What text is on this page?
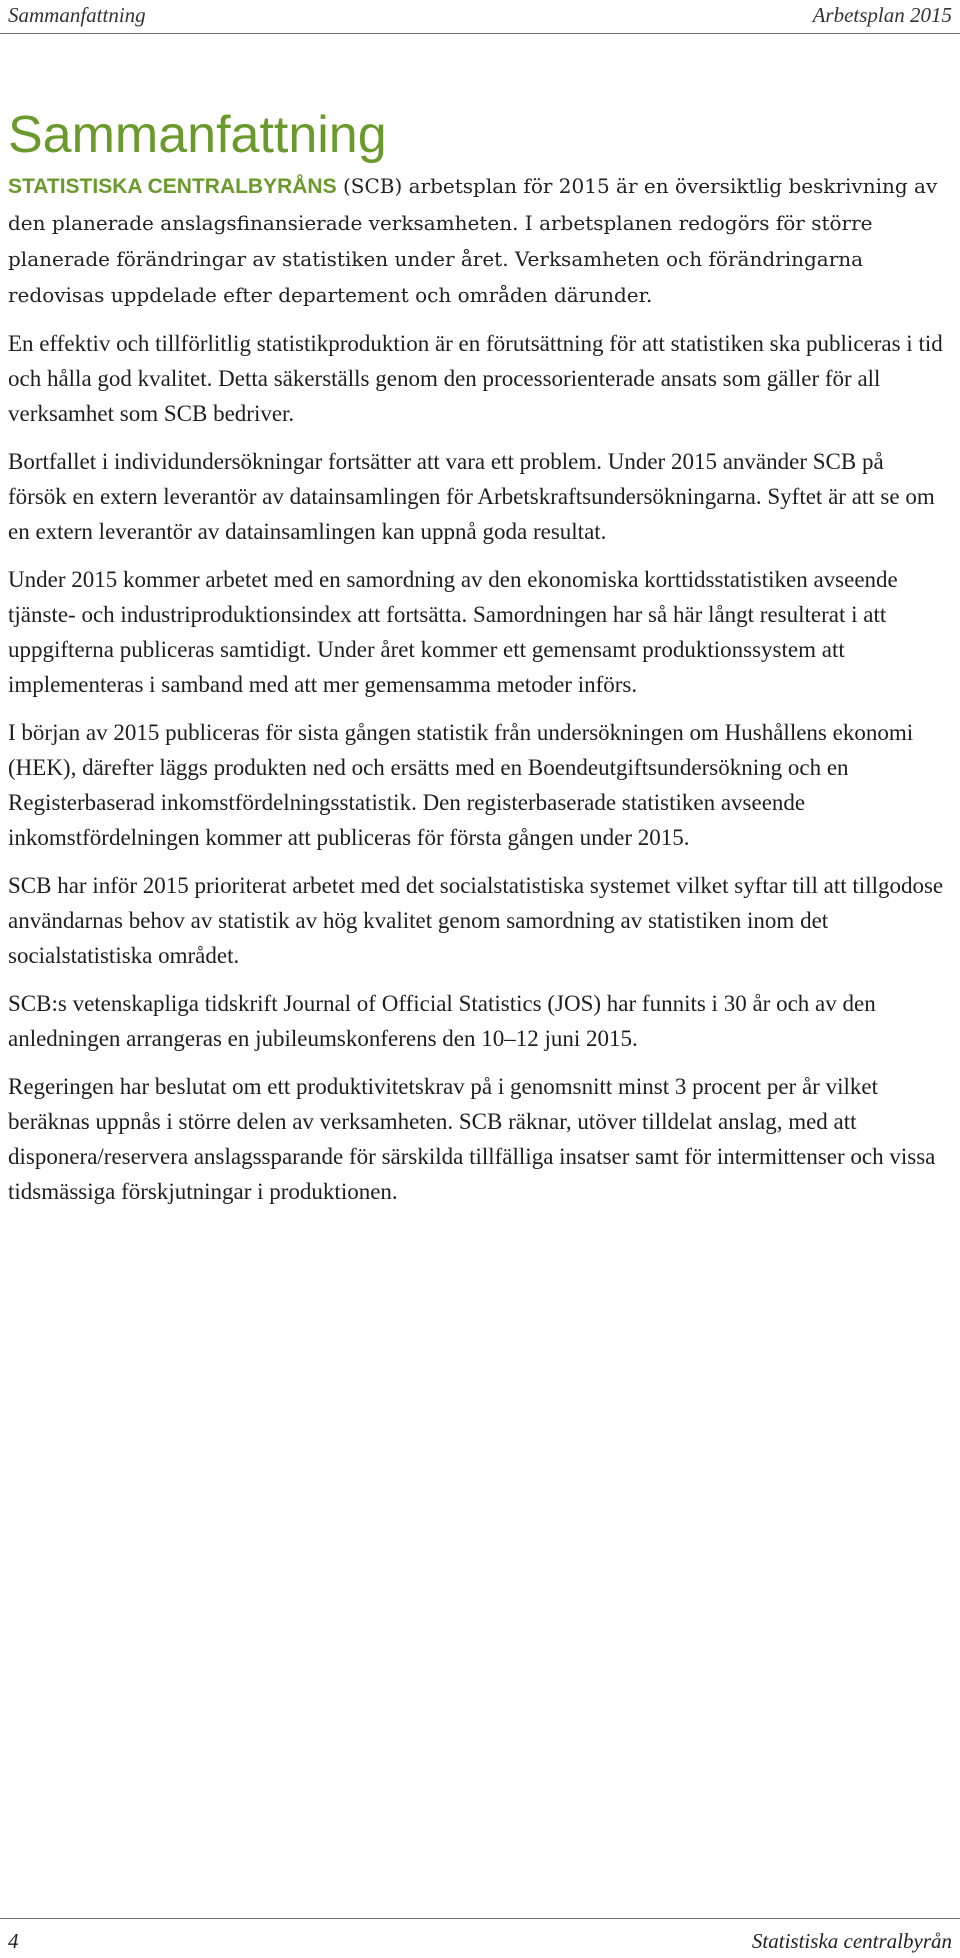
Sammanfattning	Arbetsplan 2015
Sammanfattning

STATISTISKA CENTRALBYRÅNS (SCB) arbetsplan för 2015 är en översiktlig beskrivning av den planerade anslagsfinansierade verksamheten. I arbetsplanen redogörs för större planerade förändringar av statistiken under året. Verksamheten och förändringarna redovisas uppdelade efter departement och områden därunder.

En effektiv och tillförlitlig statistikproduktion är en förutsättning för att statistiken ska publiceras i tid och hålla god kvalitet. Detta säkerställs genom den processorienterade ansats som gäller för all verksamhet som SCB bedriver.

Bortfallet i individundersökningar fortsätter att vara ett problem. Under 2015 använder SCB på försök en extern leverantör av datainsamlingen för Arbetskraftsundersökningarna. Syftet är att se om en extern leverantör av datainsamlingen kan uppnå goda resultat.

Under 2015 kommer arbetet med en samordning av den ekonomiska korttidsstatistiken avseende tjänste- och industriproduktionsindex att fortsätta. Samordningen har så här långt resulterat i att uppgifterna publiceras samtidigt. Under året kommer ett gemensamt produktionssystem att implementeras i samband med att mer gemensamma metoder införs.

I början av 2015 publiceras för sista gången statistik från undersökningen om Hushållens ekonomi (HEK), därefter läggs produkten ned och ersätts med en Boendeutgiftsundersökning och en Registerbaserad inkomstfördelningsstatistik. Den registerbaserade statistiken avseende inkomstfördelningen kommer att publiceras för första gången under 2015.

SCB har inför 2015 prioriterat arbetet med det socialstatistiska systemet vilket syftar till att tillgodose användarnas behov av statistik av hög kvalitet genom samordning av statistiken inom det socialstatistiska området.

SCB:s vetenskapliga tidskrift Journal of Official Statistics (JOS) har funnits i 30 år och av den anledningen arrangeras en jubileumskonferens den 10–12 juni 2015.

Regeringen har beslutat om ett produktivitetskrav på i genomsnitt minst 3 procent per år vilket beräknas uppnås i större delen av verksamheten. SCB räknar, utöver tilldelat anslag, med att disponera/reservera anslagssparande för särskilda tillfälliga insatser samt för intermittenser och vissa tidsmässiga förskjutningar i produktionen.

4	Statistiska centralbyrån
